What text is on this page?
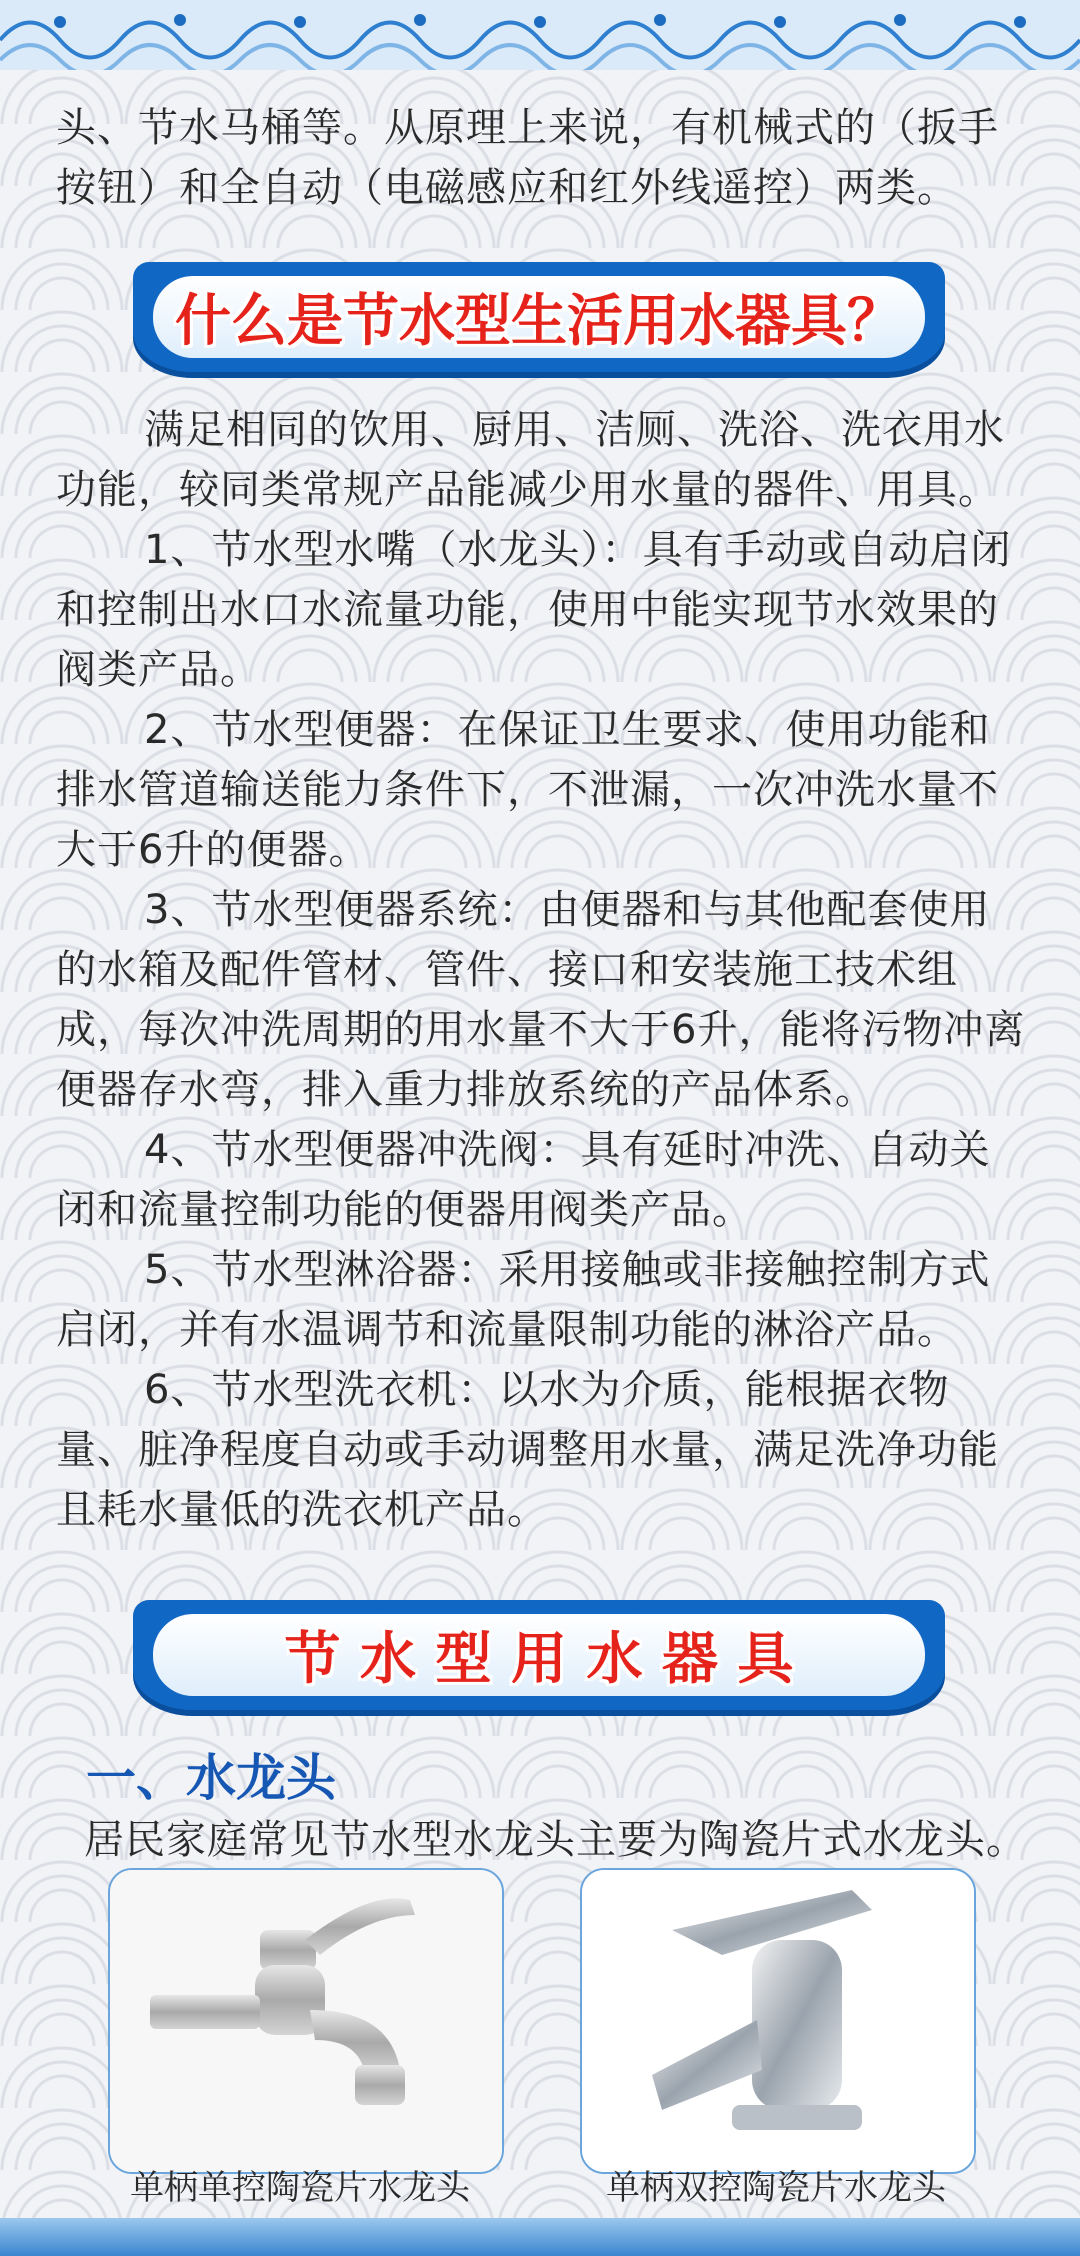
头、节水马桶等。从原理上来说，有机械式的（扳手按钮）和全自动（电磁感应和红外线遥控）两类。

什么是节水型生活用水器具？

满足相同的饮用、厨用、洁厕、洗浴、洗衣用水功能，较同类常规产品能减少用水量的器件、用具。

1、节水型水嘴（水龙头）：具有手动或自动启闭和控制出水口水流量功能，使用中能实现节水效果的阀类产品。

2、节水型便器：在保证卫生要求、使用功能和排水管道输送能力条件下，不泄漏，一次冲洗水量不大于6升的便器。

3、节水型便器系统：由便器和与其他配套使用的水箱及配件管材、管件、接口和安装施工技术组成，每次冲洗周期的用水量不大于6升，能将污物冲离便器存水弯，排入重力排放系统的产品体系。

4、节水型便器冲洗阀：具有延时冲洗、自动关闭和流量控制功能的便器用阀类产品。

5、节水型淋浴器：采用接触或非接触控制方式启闭，并有水温调节和流量限制功能的淋浴产品。

6、节水型洗衣机：以水为介质，能根据衣物量、脏净程度自动或手动调整用水量，满足洗净功能且耗水量低的洗衣机产品。

节 水 型 用 水 器 具
一、水龙头
居民家庭常见节水型水龙头主要为陶瓷片式水龙头。
单柄单控陶瓷片水龙头	单柄双控陶瓷片水龙头
